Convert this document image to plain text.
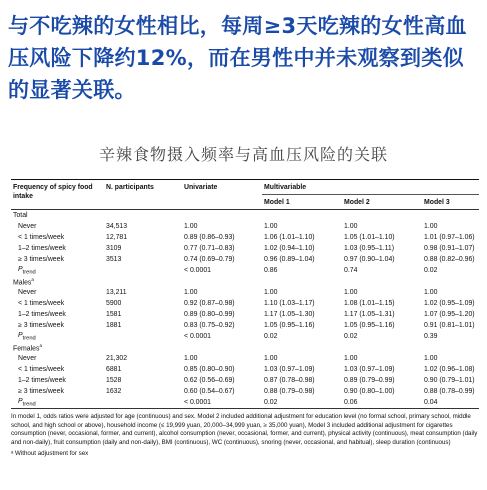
与不吃辣的女性相比，每周≥3天吃辣的女性高血压风险下降约12%，而在男性中并未观察到类似的显著关联。
辛辣食物摄入频率与高血压风险的关联

Frequency of spicy food intake	N. participants	Univariate	Multivariable		
			Model 1	Model 2	Model 3

Total					
Never	34,513	1.00	1.00	1.00	1.00
< 1 times/week	12,781	0.89 (0.86–0.93)	1.06 (1.01–1.10)	1.05 (1.01–1.10)	1.01 (0.97–1.06)
1–2 times/week	3109	0.77 (0.71–0.83)	1.02 (0.94–1.10)	1.03 (0.95–1.11)	0.98 (0.91–1.07)
≥ 3 times/week	3513	0.74 (0.69–0.79)	0.96 (0.89–1.04)	0.97 (0.90–1.04)	0.88 (0.82–0.96)
$P_{trend}$		< 0.0001	0.86	0.74	0.02
Males$^a$
Never	13,211	1.00	1.00	1.00	1.00
< 1 times/week	5900	0.92 (0.87–0.98)	1.10 (1.03–1.17)	1.08 (1.01–1.15)	1.02 (0.95–1.09)
1–2 times/week	1581	0.89 (0.80–0.99)	1.17 (1.05–1.30)	1.17 (1.05–1.31)	1.07 (0.95–1.20)
≥ 3 times/week	1881	0.83 (0.75–0.92)	1.05 (0.95–1.16)	1.05 (0.95–1.16)	0.91 (0.81–1.01)
$P_{trend}$		< 0.0001	0.02	0.02	0.39
Females$^a$
Never	21,302	1.00	1.00	1.00	1.00
< 1 times/week	6881	0.85 (0.80–0.90)	1.03 (0.97–1.09)	1.03 (0.97–1.09)	1.02 (0.96–1.08)
1–2 times/week	1528	0.62 (0.56–0.69)	0.87 (0.78–0.98)	0.89 (0.79–0.99)	0.90 (0.79–1.01)
≥ 3 times/week	1632	0.60 (0.54–0.67)	0.88 (0.79–0.98)	0.90 (0.80–1.00)	0.88 (0.78–0.99)
$P_{trend}$		< 0.0001	0.02	0.06	0.04
In model 1, odds ratios were adjusted for age (continuous) and sex. Model 2 included additional adjustment for education level (no formal school, primary school, middle school, and high school or above), household income (≤ 19,999 yuan, 20,000–34,999 yuan, ≥ 35,000 yuan), Model 3 included additional adjustment for cigarettes consumption (never, occasional, former, and current), alcohol consumption (never, occasional, former, and current), physical activity (continuous), meat consumption (daily and non-daily), fruit consumption (daily and non-daily), BMI (continuous), WC (continuous), snoring (never, occasional, and habitual), sleep duration (continuous)
ᵃ Without adjustment for sex
